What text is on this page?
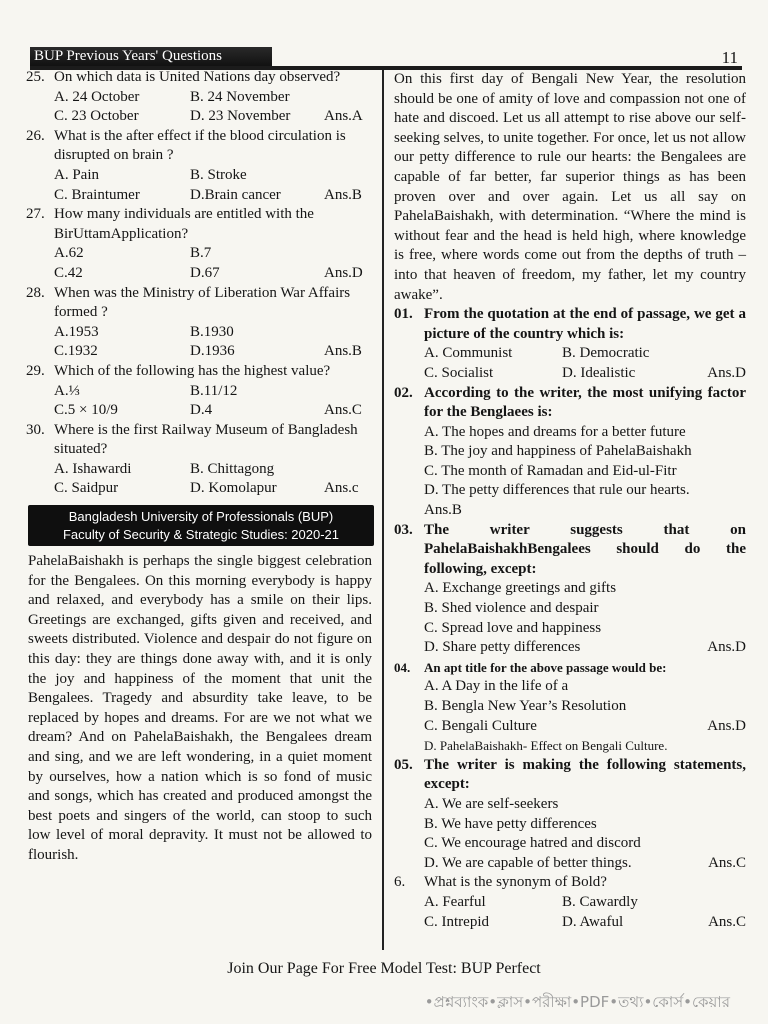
BUP Previous Years' Questions	11
25. On which data is United Nations day observed?
A. 24 October	B. 24 November
C. 23 October	D. 23 November Ans.A
26. What is the after effect if the blood circulation is disrupted on brain ?
A. Pain	B. Stroke
C. Braintumer	D.Brain cancer	Ans.B
27. How many individuals are entitled with the BirUttamApplication?
A.62	B.7
C.42	D.67	Ans.D
28. When was the Ministry of Liberation War Affairs formed ?
A.1953	B.1930
C.1932	D.1936	Ans.B
29. Which of the following has the highest value?
A.⅓	B.11/12
C.5 × 10/9	D.4	Ans.C
30. Where is the first Railway Museum of Bangladesh situated?
A. Ishawardi	B. Chittagong
C. Saidpur	D. Komolapur	Ans.c
Bangladesh University of Professionals (BUP)
Faculty of Security & Strategic Studies: 2020-21
PahelaBaishakh is perhaps the single biggest celebration for the Bengalees. On this morning everybody is happy and relaxed, and everybody has a smile on their lips. Greetings are exchanged, gifts given and received, and sweets distributed. Violence and despair do not figure on this day: they are things done away with, and it is only the joy and happiness of the moment that unit the Bengalees. Tragedy and absurdity take leave, to be replaced by hopes and dreams. For are we not what we dream? And on PahelaBaishakh, the Bengalees dream and sing, and we are left wondering, in a quiet moment by ourselves, how a nation which is so fond of music and songs, which has created and produced amongst the best poets and singers of the world, can stoop to such low level of moral depravity. It must not be allowed to flourish.
On this first day of Bengali New Year, the resolution should be one of amity of love and compassion not one of hate and discoed. Let us all attempt to rise above our self-seeking selves, to unite together. For once, let us not allow our petty difference to rule our hearts: the Bengalees are capable of far better, far superior things as has been proven over and over again. Let us all say on PahelaBaishakh, with determination. “Where the mind is without fear and the head is held high, where knowledge is free, where words come out from the depths of truth – into that heaven of freedom, my father, let my country awake”.
01. From the quotation at the end of passage, we get a picture of the country which is:
A. Communist	B. Democratic
C. Socialist	D. Idealistic	Ans.D
02. According to the writer, the most unifying factor for the Benglaees is:
A. The hopes and dreams for a better future
B. The joy and happiness of PahelaBaishakh
C. The month of Ramadan and Eid-ul-Fitr
D. The petty differences that rule our hearts.
Ans.B
03. The writer suggests that on PahelaBaishakhBengalees should do the following, except:
A. Exchange greetings and gifts
B. Shed violence and despair
C. Spread love and happiness
D. Share petty differences	Ans.D
04. An apt title for the above passage would be:
A. A Day in the life of a
B. Bengla New Year’s Resolution
C. Bengali Culture	Ans.D
D. PahelaBaishakh- Effect on Bengali Culture.
05. The writer is making the following statements, except:
A. We are self-seekers
B. We have petty differences
C. We encourage hatred and discord
D. We are capable of better things.	Ans.C
6. What is the synonym of Bold?
A. Fearful	B. Cawardly
C. Intrepid	D. Awaful	Ans.C
Join Our Page For Free Model Test: BUP Perfect
•প্রশ্নব্যাংক•ক্লাস•পরীক্ষা•PDF•তথ্য•কোর্স•কেয়ার
